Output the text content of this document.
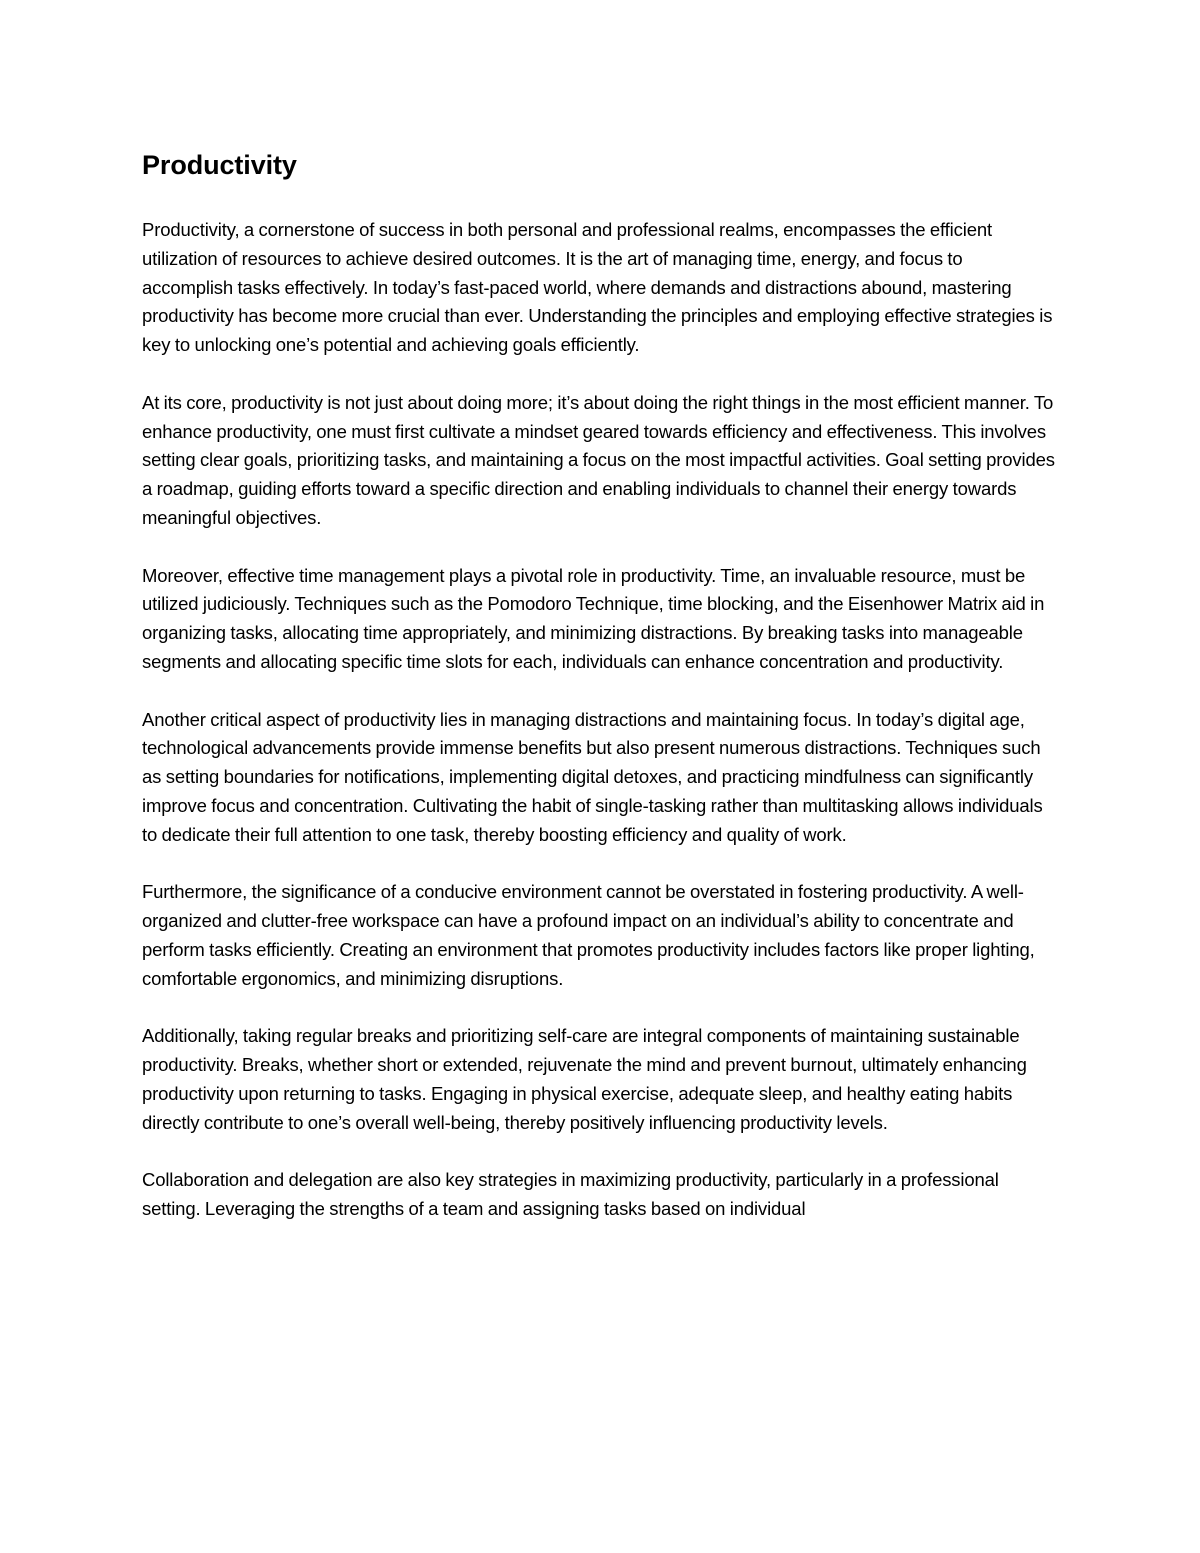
Productivity

Productivity, a cornerstone of success in both personal and professional realms, encompasses the efficient utilization of resources to achieve desired outcomes. It is the art of managing time, energy, and focus to accomplish tasks effectively. In today’s fast-paced world, where demands and distractions abound, mastering productivity has become more crucial than ever. Understanding the principles and employing effective strategies is key to unlocking one’s potential and achieving goals efficiently.

At its core, productivity is not just about doing more; it’s about doing the right things in the most efficient manner. To enhance productivity, one must first cultivate a mindset geared towards efficiency and effectiveness. This involves setting clear goals, prioritizing tasks, and maintaining a focus on the most impactful activities. Goal setting provides a roadmap, guiding efforts toward a specific direction and enabling individuals to channel their energy towards meaningful objectives.

Moreover, effective time management plays a pivotal role in productivity. Time, an invaluable resource, must be utilized judiciously. Techniques such as the Pomodoro Technique, time blocking, and the Eisenhower Matrix aid in organizing tasks, allocating time appropriately, and minimizing distractions. By breaking tasks into manageable segments and allocating specific time slots for each, individuals can enhance concentration and productivity.

Another critical aspect of productivity lies in managing distractions and maintaining focus. In today’s digital age, technological advancements provide immense benefits but also present numerous distractions. Techniques such as setting boundaries for notifications, implementing digital detoxes, and practicing mindfulness can significantly improve focus and concentration. Cultivating the habit of single-tasking rather than multitasking allows individuals to dedicate their full attention to one task, thereby boosting efficiency and quality of work.

Furthermore, the significance of a conducive environment cannot be overstated in fostering productivity. A well-organized and clutter-free workspace can have a profound impact on an individual’s ability to concentrate and perform tasks efficiently. Creating an environment that promotes productivity includes factors like proper lighting, comfortable ergonomics, and minimizing disruptions.

Additionally, taking regular breaks and prioritizing self-care are integral components of maintaining sustainable productivity. Breaks, whether short or extended, rejuvenate the mind and prevent burnout, ultimately enhancing productivity upon returning to tasks. Engaging in physical exercise, adequate sleep, and healthy eating habits directly contribute to one’s overall well-being, thereby positively influencing productivity levels.

Collaboration and delegation are also key strategies in maximizing productivity, particularly in a professional setting. Leveraging the strengths of a team and assigning tasks based on individual
